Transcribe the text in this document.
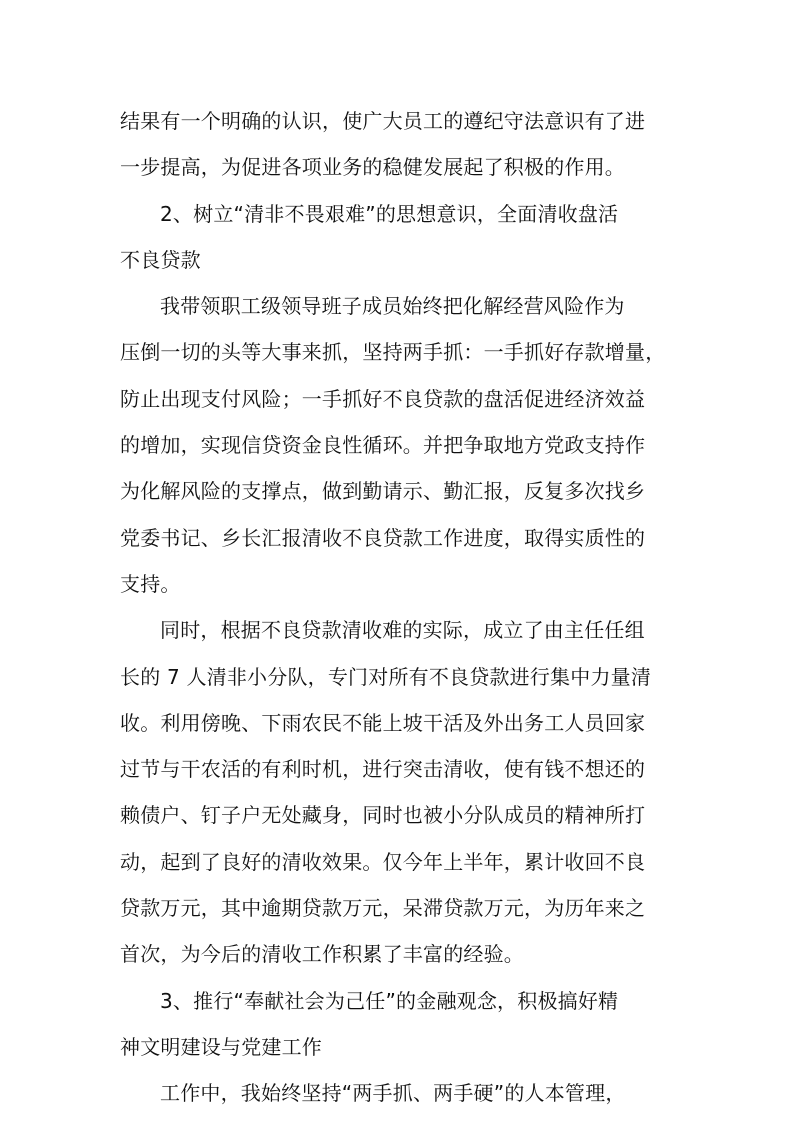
结果有一个明确的认识，使广大员工的遵纪守法意识有了进
一步提高，为促进各项业务的稳健发展起了积极的作用。
2、树立“清非不畏艰难”的思想意识，全面清收盘活
不良贷款
我带领职工级领导班子成员始终把化解经营风险作为
压倒一切的头等大事来抓，坚持两手抓：一手抓好存款增量，
防止出现支付风险；一手抓好不良贷款的盘活促进经济效益
的增加，实现信贷资金良性循环。并把争取地方党政支持作
为化解风险的支撑点，做到勤请示、勤汇报，反复多次找乡
党委书记、乡长汇报清收不良贷款工作进度，取得实质性的
支持。
同时，根据不良贷款清收难的实际，成立了由主任任组
长的 7 人清非小分队，专门对所有不良贷款进行集中力量清
收。利用傍晚、下雨农民不能上坡干活及外出务工人员回家
过节与干农活的有利时机，进行突击清收，使有钱不想还的
赖债户、钉子户无处藏身，同时也被小分队成员的精神所打
动，起到了良好的清收效果。仅今年上半年，累计收回不良
贷款万元，其中逾期贷款万元，呆滞贷款万元，为历年来之
首次，为今后的清收工作积累了丰富的经验。
3、推行“奉献社会为己任”的金融观念，积极搞好精
神文明建设与党建工作
工作中，我始终坚持“两手抓、两手硬”的人本管理，
